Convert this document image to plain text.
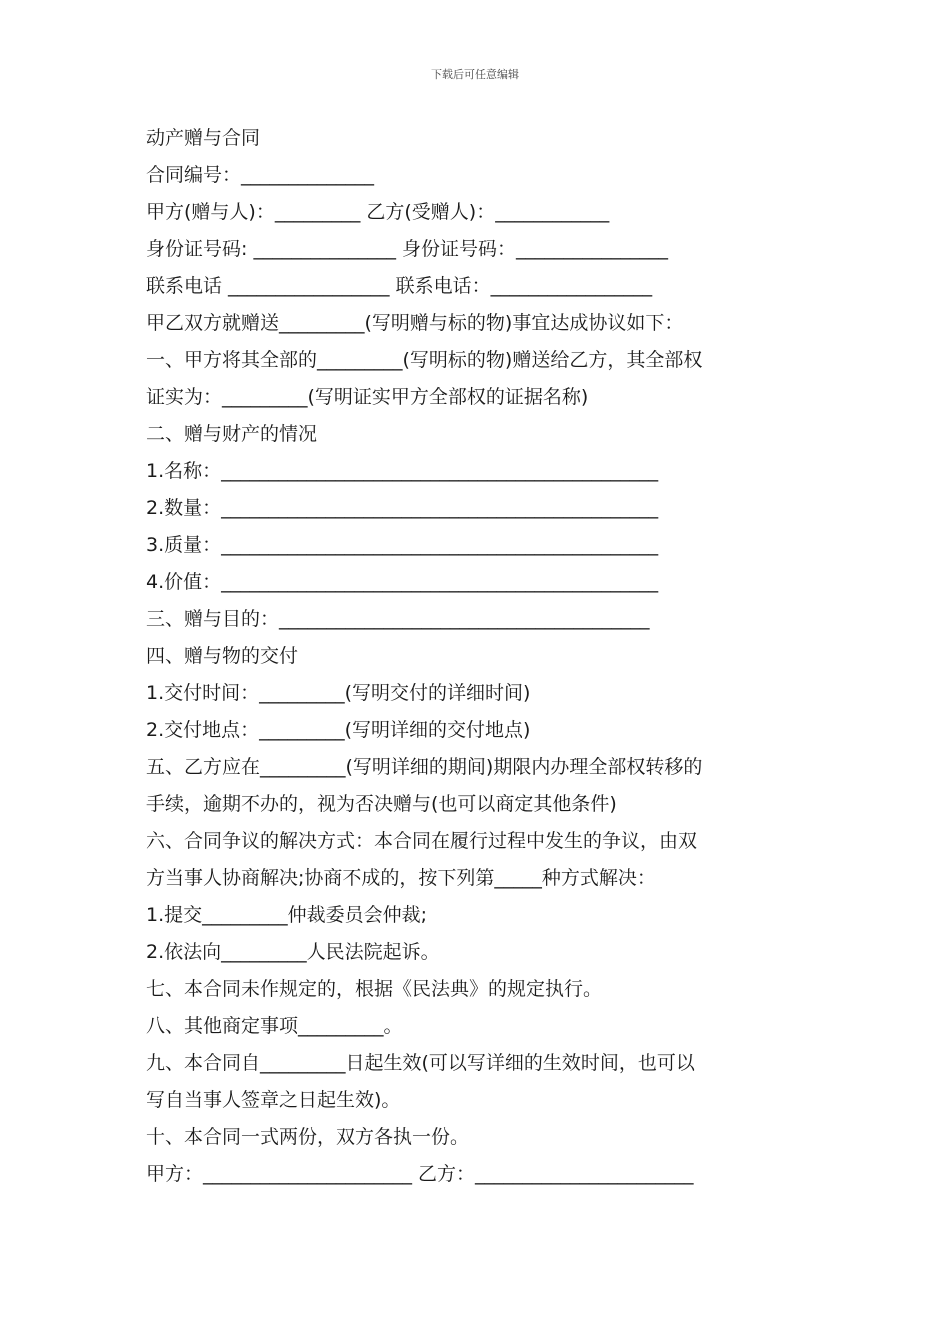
下载后可任意编辑
动产赠与合同
合同编号：______________
甲方(赠与人)：_________ 乙方(受赠人)：____________
身份证号码: _______________ 身份证号码：________________
联系电话 _________________ 联系电话：_________________
甲乙双方就赠送_________(写明赠与标的物)事宜达成协议如下：
一、甲方将其全部的_________(写明标的物)赠送给乙方，其全部权
证实为：_________(写明证实甲方全部权的证据名称)
二、赠与财产的情况
1.名称：______________________________________________
2.数量：______________________________________________
3.质量：______________________________________________
4.价值：______________________________________________
三、赠与目的：_______________________________________
四、赠与物的交付
1.交付时间：_________(写明交付的详细时间)
2.交付地点：_________(写明详细的交付地点)
五、乙方应在_________(写明详细的期间)期限内办理全部权转移的
手续，逾期不办的，视为否决赠与(也可以商定其他条件)
六、合同争议的解决方式：本合同在履行过程中发生的争议，由双
方当事人协商解决;协商不成的，按下列第_____种方式解决：
1.提交_________仲裁委员会仲裁;
2.依法向_________人民法院起诉。
七、本合同未作规定的，根据《民法典》的规定执行。
八、其他商定事项_________。
九、本合同自_________日起生效(可以写详细的生效时间，也可以
写自当事人签章之日起生效)。
十、本合同一式两份，双方各执一份。
甲方：______________________ 乙方：_______________________
